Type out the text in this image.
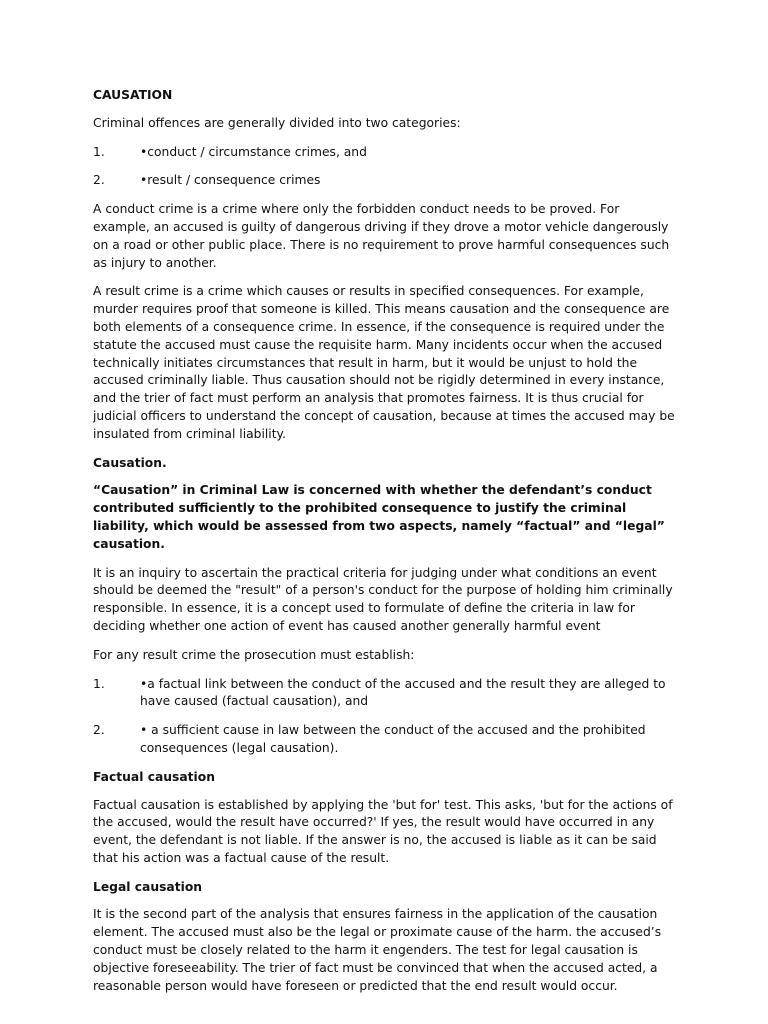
CAUSATION

Criminal offences are generally divided into two categories:

1.	•conduct / circumstance crimes, and
2.	•result / consequence crimes

A conduct crime is a crime where only the forbidden conduct needs to be proved. For example, an accused is guilty of dangerous driving if they drove a motor vehicle dangerously on a road or other public place. There is no requirement to prove harmful consequences such as injury to another.

A result crime is a crime which causes or results in specified consequences. For example, murder requires proof that someone is killed. This means causation and the consequence are both elements of a consequence crime. In essence, if the consequence is required under the statute the accused must cause the requisite harm. Many incidents occur when the accused technically initiates circumstances that result in harm, but it would be unjust to hold the accused criminally liable. Thus causation should not be rigidly determined in every instance, and the trier of fact must perform an analysis that promotes fairness. It is thus crucial for judicial officers to understand the concept of causation, because at times the accused may be insulated from criminal liability.

Causation.

“Causation” in Criminal Law is concerned with whether the defendant’s conduct contributed sufficiently to the prohibited consequence to justify the criminal liability, which would be assessed from two aspects, namely “factual” and “legal” causation.

It is an inquiry to ascertain the practical criteria for judging under what conditions an event should be deemed the "result" of a person's conduct for the purpose of holding him criminally responsible. In essence, it is a concept used to formulate of define the criteria in law for deciding whether one action of event has caused another generally harmful event

For any result crime the prosecution must establish:

1.	•a factual link between the conduct of the accused and the result they are alleged to have caused (factual causation), and
2.	• a sufficient cause in law between the conduct of the accused and the prohibited consequences (legal causation).

Factual causation

Factual causation is established by applying the 'but for' test. This asks, 'but for the actions of the accused, would the result have occurred?' If yes, the result would have occurred in any event, the defendant is not liable. If the answer is no, the accused is liable as it can be said that his action was a factual cause of the result.

Legal causation

It is the second part of the analysis that ensures fairness in the application of the causation element. The accused must also be the legal or proximate cause of the harm. the accused’s conduct must be closely related to the harm it engenders. The test for legal causation is objective foreseeability. The trier of fact must be convinced that when the accused acted, a reasonable person would have foreseen or predicted that the end result would occur.
